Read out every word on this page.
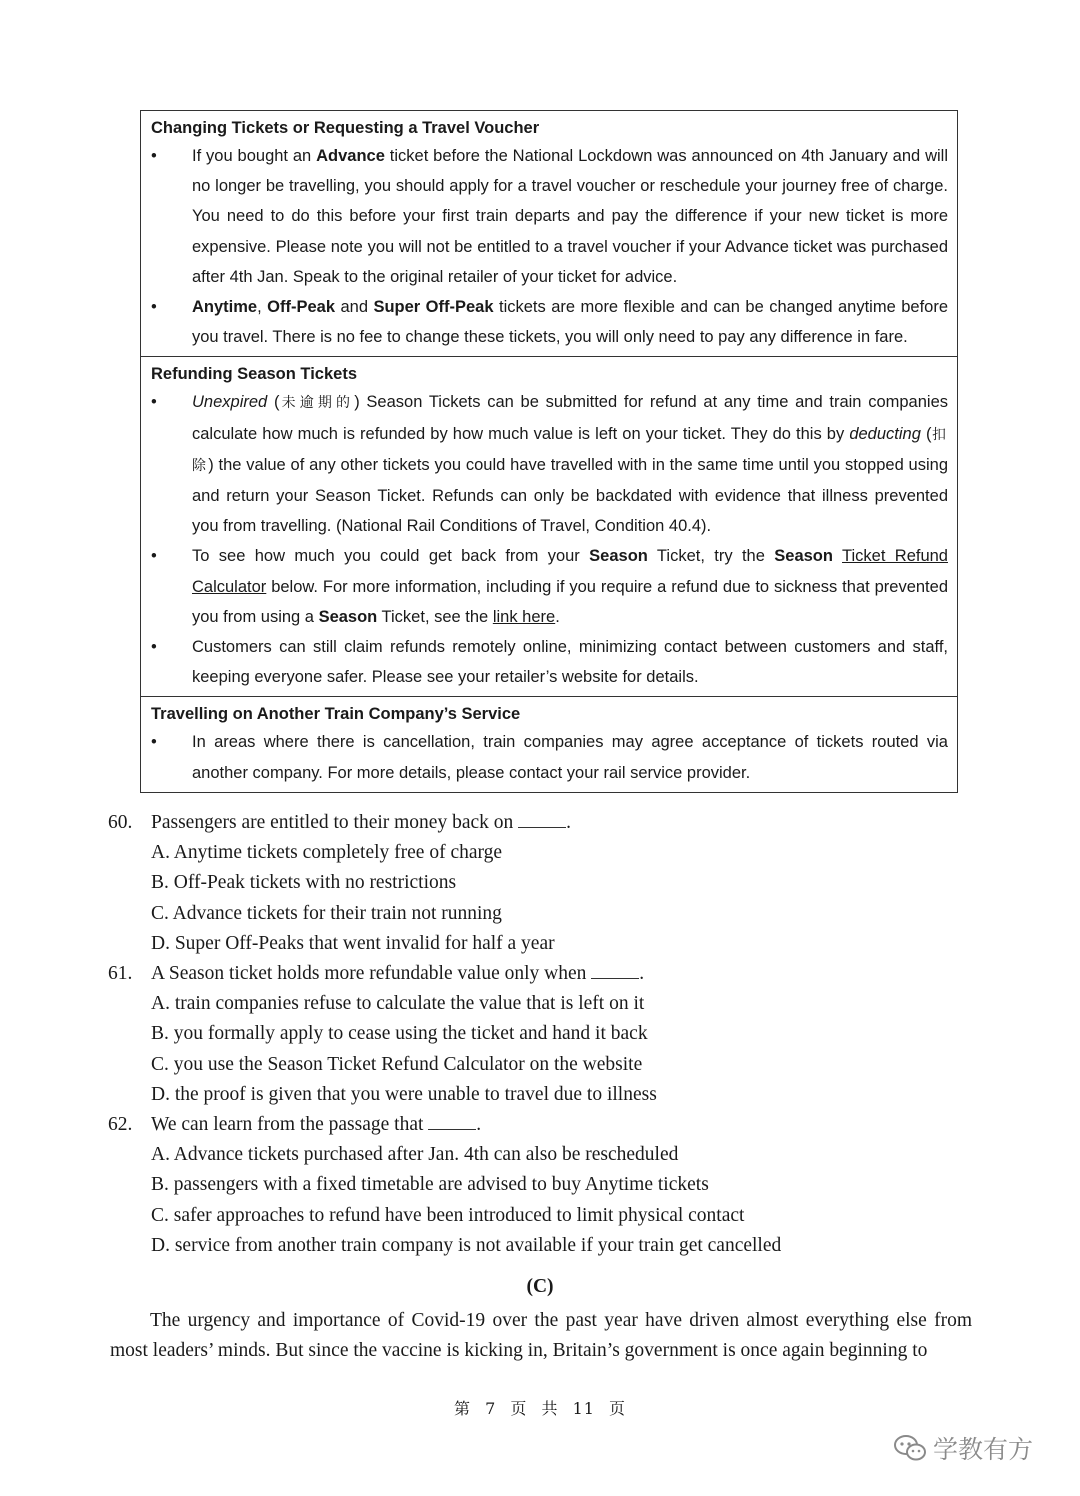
Changing Tickets or Requesting a Travel Voucher
• If you bought an Advance ticket before the National Lockdown was announced on 4th January and will no longer be travelling, you should apply for a travel voucher or reschedule your journey free of charge. You need to do this before your first train departs and pay the difference if your new ticket is more expensive. Please note you will not be entitled to a travel voucher if your Advance ticket was purchased after 4th Jan. Speak to the original retailer of your ticket for advice.
• Anytime, Off-Peak and Super Off-Peak tickets are more flexible and can be changed anytime before you travel. There is no fee to change these tickets, you will only need to pay any difference in fare.
Refunding Season Tickets
• Unexpired (未逾期的) Season Tickets can be submitted for refund at any time and train companies calculate how much is refunded by how much value is left on your ticket. They do this by deducting (扣除) the value of any other tickets you could have travelled with in the same time until you stopped using and return your Season Ticket. Refunds can only be backdated with evidence that illness prevented you from travelling. (National Rail Conditions of Travel, Condition 40.4).
• To see how much you could get back from your Season Ticket, try the Season Ticket Refund Calculator below. For more information, including if you require a refund due to sickness that prevented you from using a Season Ticket, see the link here.
• Customers can still claim refunds remotely online, minimizing contact between customers and staff, keeping everyone safer. Please see your retailer’s website for details.
Travelling on Another Train Company’s Service
• In areas where there is cancellation, train companies may agree acceptance of tickets routed via another company. For more details, please contact your rail service provider.
60. Passengers are entitled to their money back on	.
A. Anytime tickets completely free of charge
B. Off-Peak tickets with no restrictions
C. Advance tickets for their train not running
D. Super Off-Peaks that went invalid for half a year
61. A Season ticket holds more refundable value only when	.
A. train companies refuse to calculate the value that is left on it
B. you formally apply to cease using the ticket and hand it back
C. you use the Season Ticket Refund Calculator on the website
D. the proof is given that you were unable to travel due to illness
62. We can learn from the passage that	.
A. Advance tickets purchased after Jan. 4th can also be rescheduled
B. passengers with a fixed timetable are advised to buy Anytime tickets
C. safer approaches to refund have been introduced to limit physical contact
D. service from another train company is not available if your train get cancelled
(C)
The urgency and importance of Covid-19 over the past year have driven almost everything else from most leaders’ minds. But since the vaccine is kicking in, Britain’s government is once again beginning to
第 7 页 共 11 页
学教有方
